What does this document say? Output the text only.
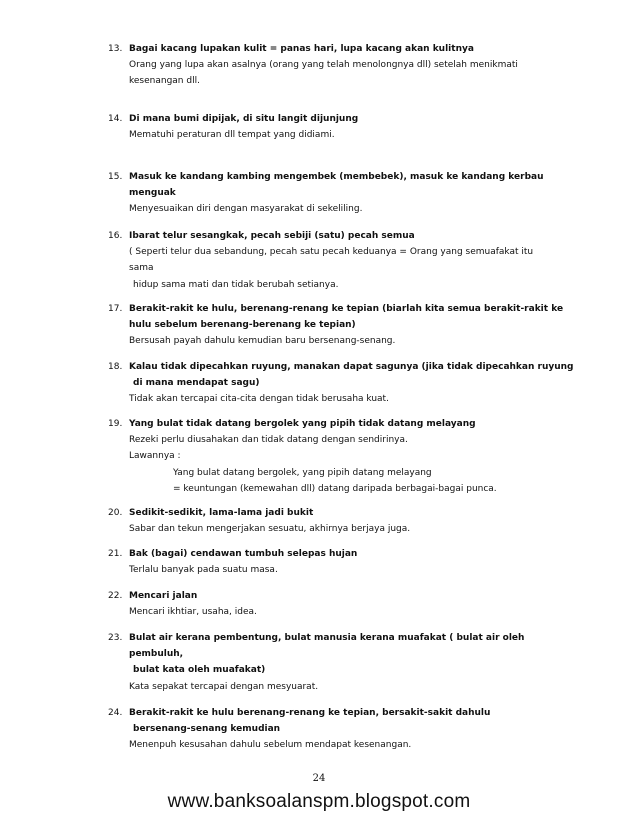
13. Bagai kacang lupakan kulit = panas hari, lupa kacang akan kulitnya
Orang yang lupa akan asalnya (orang yang telah menolongnya dll) setelah menikmati
kesenangan dll.
14. Di mana bumi dipijak, di situ langit dijunjung
Mematuhi peraturan dll tempat yang didiami.
15. Masuk ke kandang kambing mengembek (membebek), masuk ke kandang kerbau
menguak
Menyesuaikan diri dengan masyarakat di sekeliling.
16. Ibarat telur sesangkak, pecah sebiji (satu) pecah semua
( Seperti telur dua sebandung, pecah satu pecah keduanya = Orang yang semuafakat itu
sama
hidup sama mati dan tidak berubah setianya.
17. Berakit-rakit ke hulu, berenang-renang ke tepian (biarlah kita semua berakit-rakit ke
hulu sebelum berenang-berenang ke tepian)
Bersusah payah dahulu kemudian baru bersenang-senang.
18. Kalau tidak dipecahkan ruyung, manakan dapat sagunya (jika tidak dipecahkan ruyung
di mana mendapat sagu)
Tidak akan tercapai cita-cita dengan tidak berusaha kuat.
19. Yang bulat tidak datang bergolek yang pipih tidak datang melayang
Rezeki perlu diusahakan dan tidak datang dengan sendirinya.
Lawannya :
Yang bulat datang bergolek, yang pipih datang melayang
= keuntungan (kemewahan dll) datang daripada berbagai-bagai punca.
20. Sedikit-sedikit, lama-lama jadi bukit
Sabar dan tekun mengerjakan sesuatu, akhirnya berjaya juga.
21. Bak (bagai) cendawan tumbuh selepas hujan
Terlalu banyak pada suatu masa.
22. Mencari jalan
Mencari ikhtiar, usaha, idea.
23. Bulat air kerana pembentung, bulat manusia kerana muafakat ( bulat air oleh
pembuluh,
bulat kata oleh muafakat)
Kata sepakat tercapai dengan mesyuarat.
24. Berakit-rakit ke hulu berenang-renang ke tepian, bersakit-sakit dahulu
bersenang-senang kemudian
Menenpuh kesusahan dahulu sebelum mendapat kesenangan.
24
www.banksoalanspm.blogspot.com
